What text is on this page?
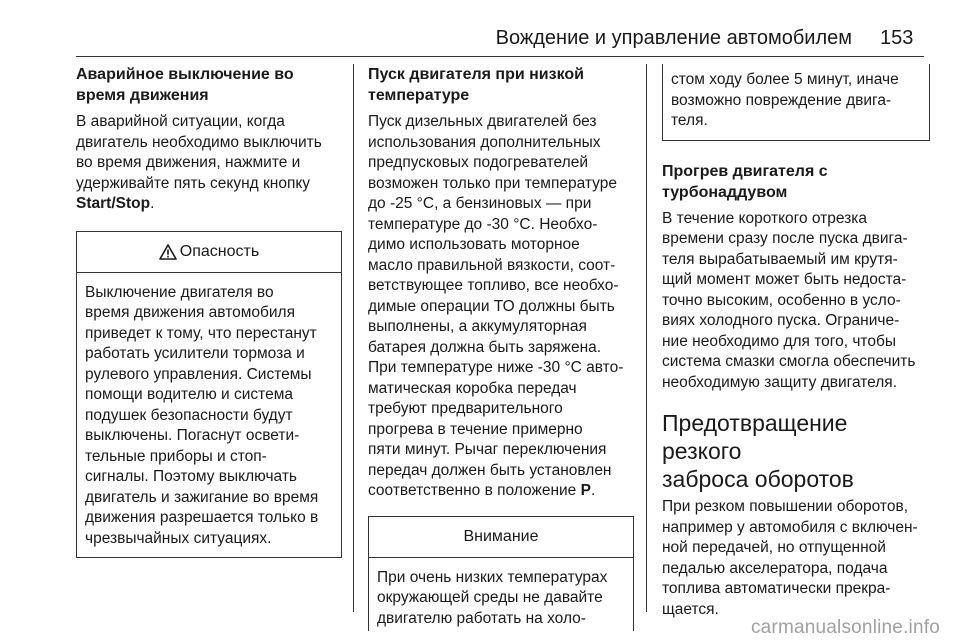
Вождение и управление автомобилем 153
Аварийное выключение во
время движения

В аварийной ситуации, когда
двигатель необходимо выключить
во время движения, нажмите и
удерживайте пять секунд кнопку
Start/Stop.

Опасность

Выключение двигателя во
время движения автомобиля
приведет к тому, что перестанут
работать усилители тормоза и
рулевого управления. Системы
помощи водителю и система
подушек безопасности будут
выключены. Погаснут освети-
тельные приборы и стоп-
сигналы. Поэтому выключать
двигатель и зажигание во время
движения разрешается только в
чрезвычайных ситуациях.

Пуск двигателя при низкой
температуре

Пуск дизельных двигателей без
использования дополнительных
предпусковых подогревателей
возможен только при температуре
до -25 °C, а бензиновых — при
температуре до -30 °C. Необхо-
димо использовать моторное
масло правильной вязкости, соот-
ветствующее топливо, все необхо-
димые операции ТО должны быть
выполнены, а аккумуляторная
батарея должна быть заряжена.
При температуре ниже -30 °C авто-
матическая коробка передач
требуют предварительного
прогрева в течение примерно
пяти минут. Рычаг переключения
передач должен быть установлен
соответственно в положение P.

Внимание

При очень низких температурах
окружающей среды не давайте
двигателю работать на холо-

стом ходу более 5 минут, иначе
возможно повреждение двига-
теля.

Прогрев двигателя с
турбонаддувом

В течение короткого отрезка
времени сразу после пуска двига-
теля вырабатываемый им крутя-
щий момент может быть недоста-
точно высоким, особенно в усло-
виях холодного пуска. Ограниче-
ние необходимо для того, чтобы
система смазки смогла обеспечить
необходимую защиту двигателя.

Предотвращение резкого
заброса оборотов

При резком повышении оборотов,
например у автомобиля с включен-
ной передачей, но отпущенной
педалью акселератора, подача
топлива автоматически прекра-
щается.

carmanualsonline.info
